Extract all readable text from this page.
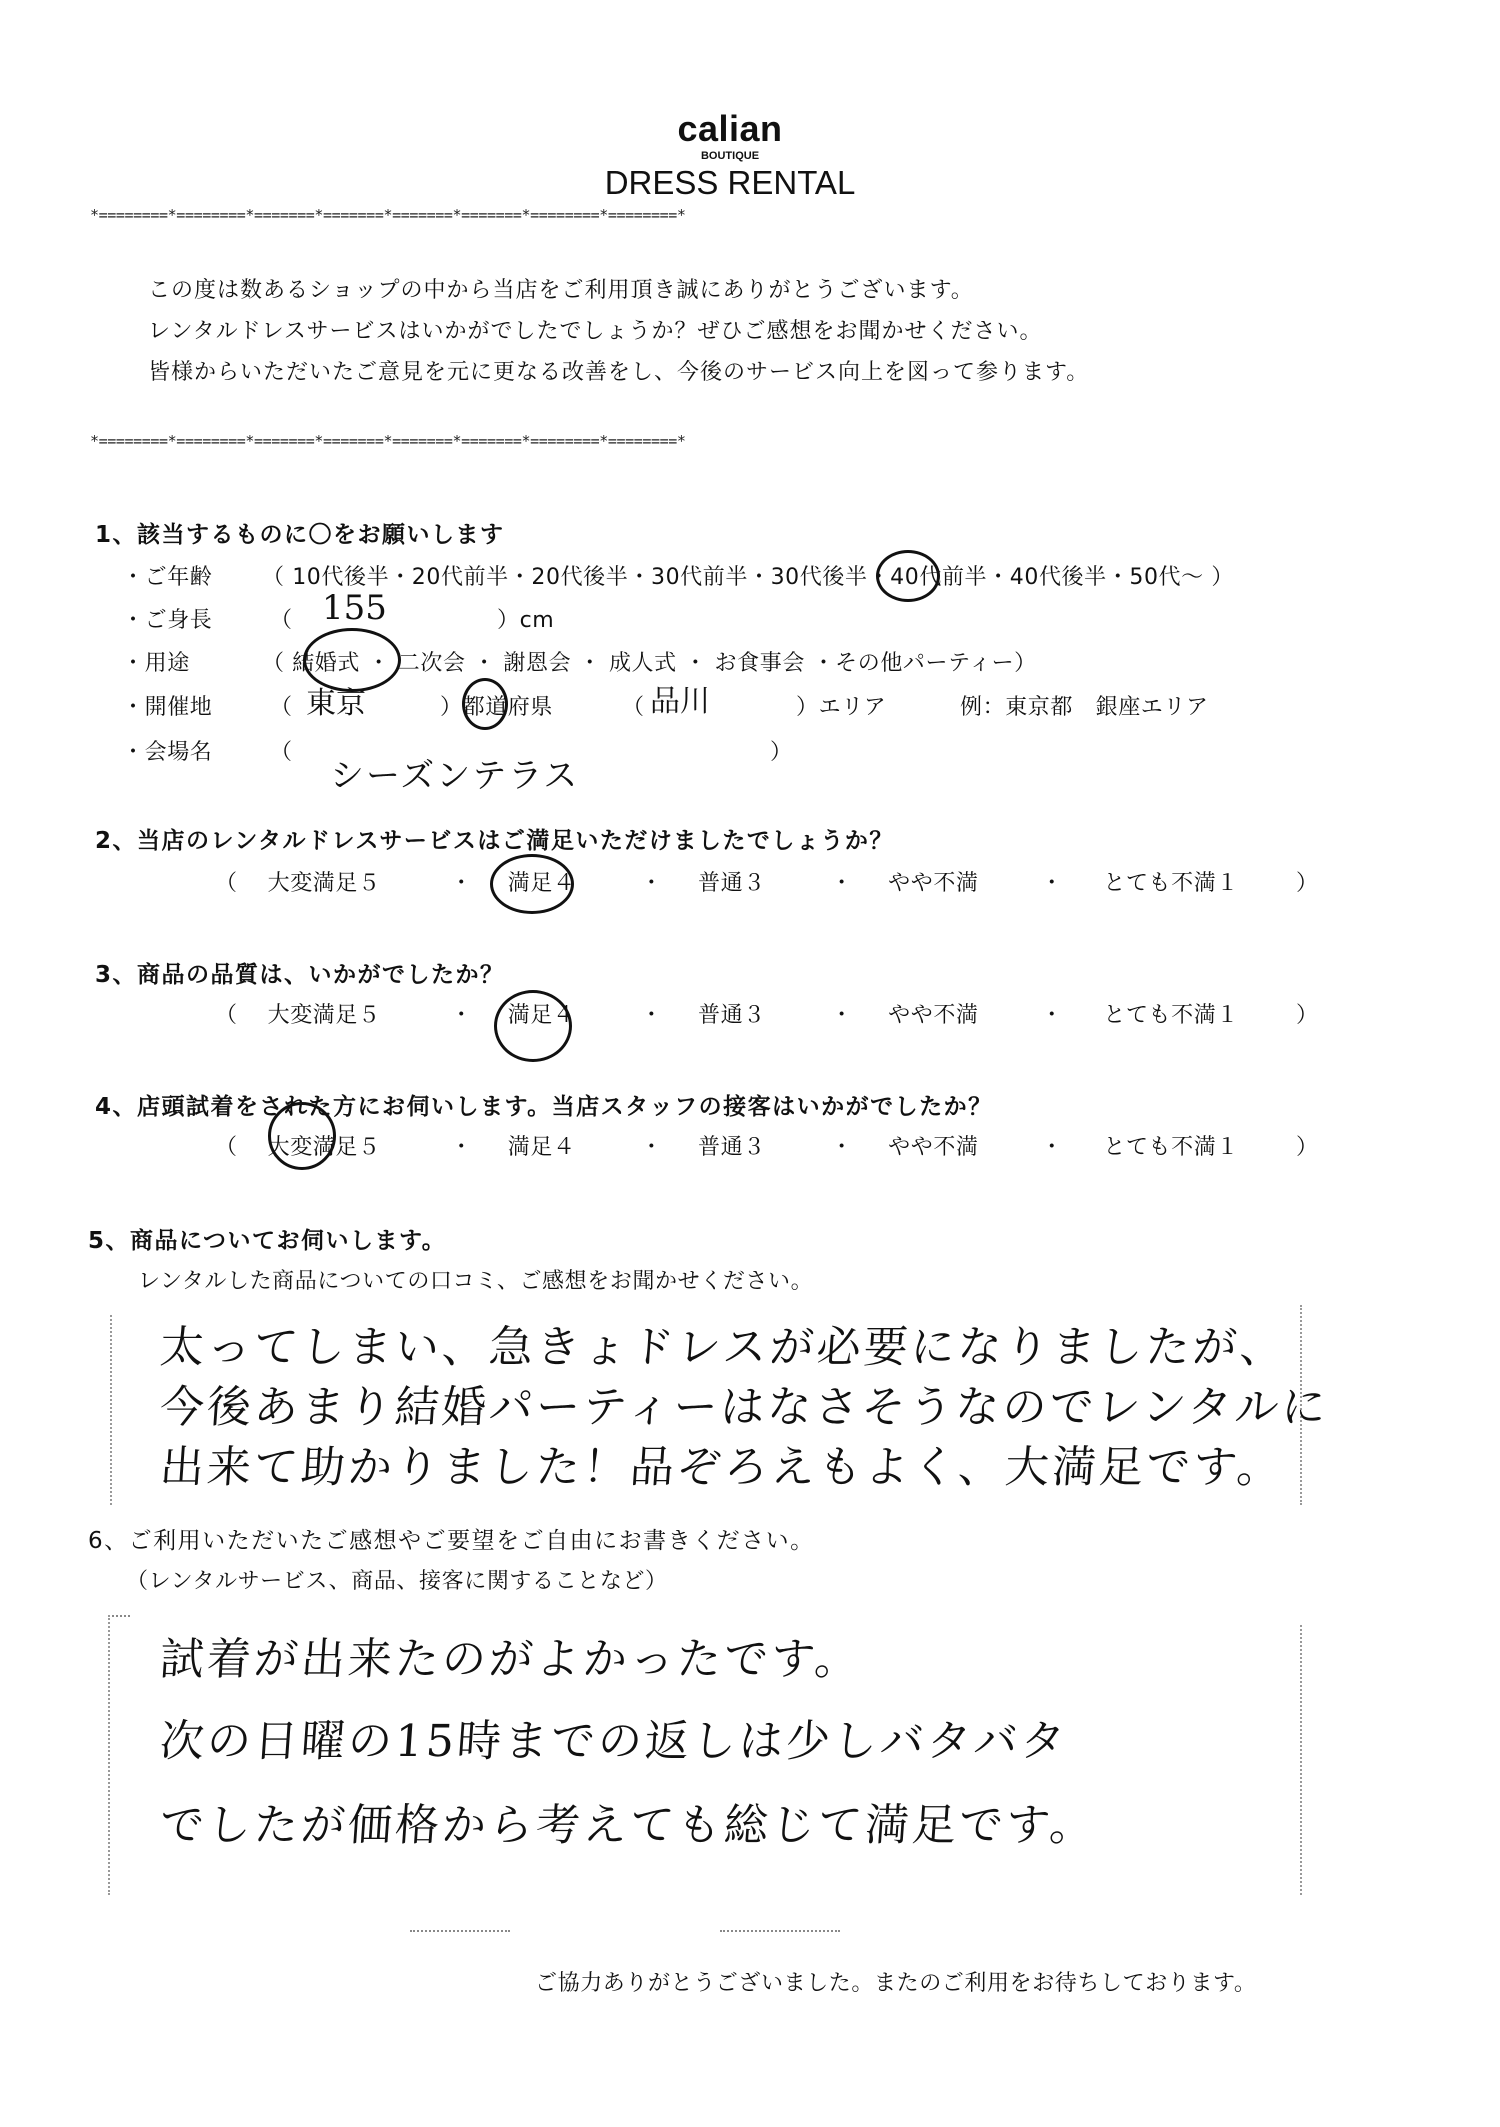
calian
BOUTIQUE
DRESS RENTAL
*========*========*=======*=======*=======*=======*========*========*
この度は数あるショップの中から当店をご利用頂き誠にありがとうございます。
レンタルドレスサービスはいかがでしたでしょうか？ぜひご感想をお聞かせください。
皆様からいただいたご意見を元に更なる改善をし、今後のサービス向上を図って参ります。
*========*========*=======*=======*=======*=======*========*========*
1、該当するものに〇をお願いします
・ご年齢 （ 10代後半・20代前半・20代後半・30代前半・30代後半・40代前半・40代後半・50代〜 ）
・ご身長	（ 155	）cm
・用途	（ 結婚式 ・ 二次会 ・ 謝恩会 ・ 成人式 ・ お食事会 ・その他パーティー）
・開催地	（ 東京	）都道府県	（ 品川	）エリア	例：東京都　銀座エリア
・会場名	（	）
シーズンテラス
2、当店のレンタルドレスサービスはご満足いただけましたでしょうか？
（ 大変満足５	・ 満足４	・ 普通３	・ やや不満	・ とても不満１	）
3、商品の品質は、いかがでしたか？
（ 大変満足５	・ 満足４	・ 普通３	・ やや不満	・ とても不満１	）
4、店頭試着をされた方にお伺いします。当店スタッフの接客はいかがでしたか？
（ 大変満足５	・ 満足４	・ 普通３	・ やや不満	・ とても不満１	）
5、商品についてお伺いします。
レンタルした商品についての口コミ、ご感想をお聞かせください。
太ってしまい、急きょドレスが必要になりましたが、
今後あまり結婚パーティーはなさそうなのでレンタルに
出来て助かりました！品ぞろえもよく、大満足です。
6、ご利用いただいたご感想やご要望をご自由にお書きください。
（レンタルサービス、商品、接客に関することなど）
試着が出来たのがよかったです。
次の日曜の15時までの返しは少しバタバタ
でしたが価格から考えても総じて満足です。
ご協力ありがとうございました。またのご利用をお待ちしております。
